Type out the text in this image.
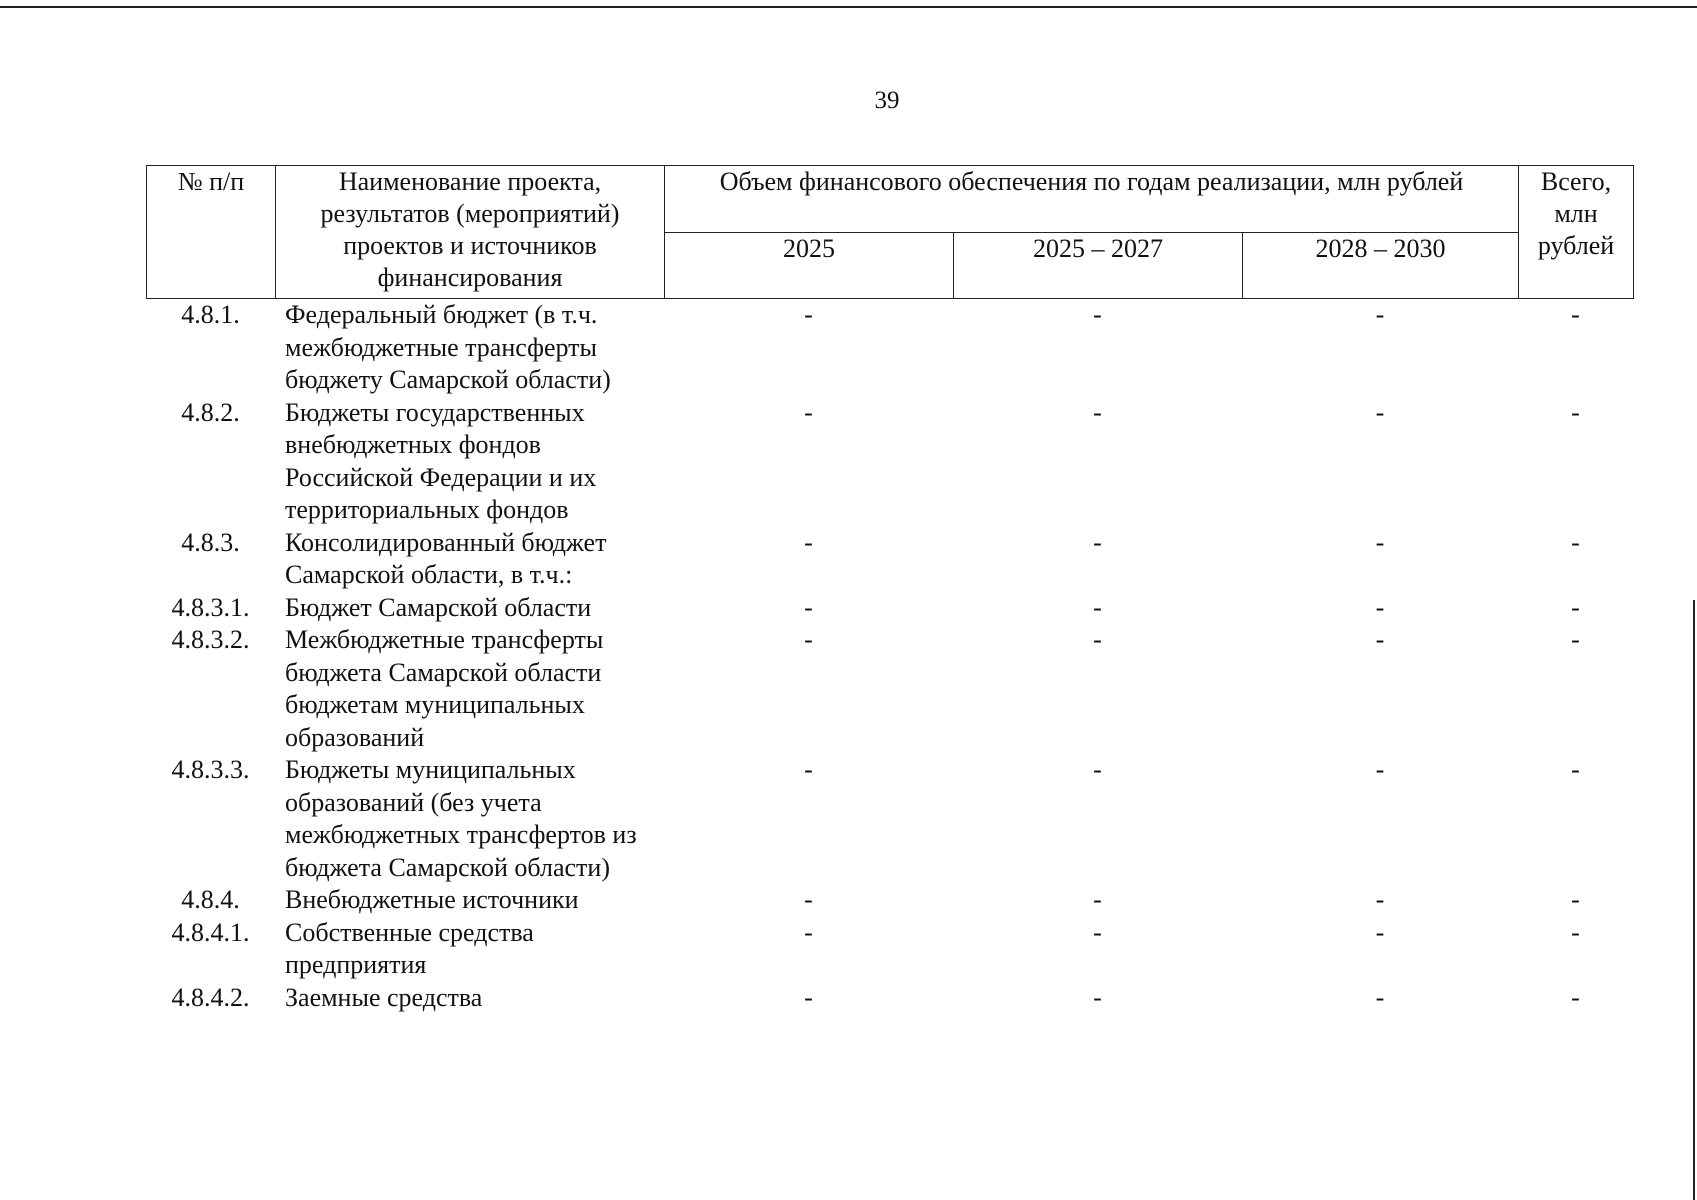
39
№ п/п	Наименование проекта, результатов (мероприятий) проектов и источников финансирования	Объем финансового обеспечения по годам реализации, млн рублей			Всего, млн рублей
		2025	2025 – 2027	2028 – 2030	
4.8.1.	Федеральный бюджет (в т.ч. межбюджетные трансферты бюджету Самарской области)	-	-	-	-
4.8.2.	Бюджеты государственных внебюджетных фондов Российской Федерации и их территориальных фондов	-	-	-	-
4.8.3.	Консолидированный бюджет Самарской области, в т.ч.:	-	-	-	-
4.8.3.1.	Бюджет Самарской области	-	-	-	-
4.8.3.2.	Межбюджетные трансферты бюджета Самарской области бюджетам муниципальных образований	-	-	-	-
4.8.3.3.	Бюджеты муниципальных образований (без учета межбюджетных трансфертов из бюджета Самарской области)	-	-	-	-
4.8.4.	Внебюджетные источники	-	-	-	-
4.8.4.1.	Собственные средства предприятия	-	-	-	-
4.8.4.2.	Заемные средства	-	-	-	-
